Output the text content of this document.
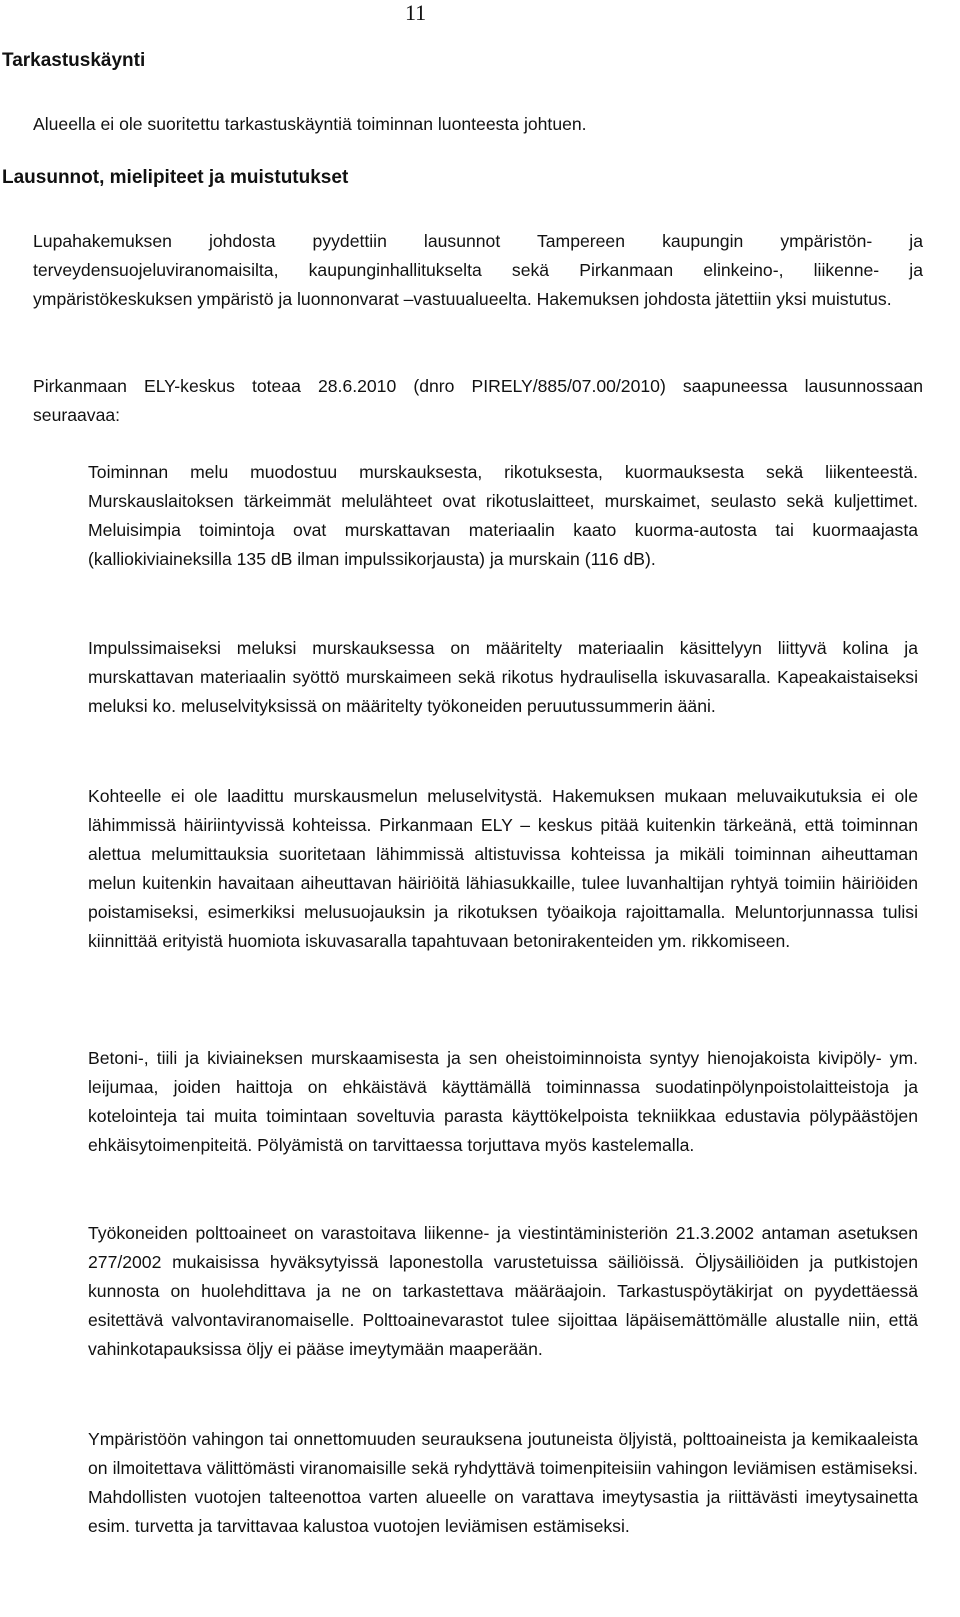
11
Tarkastuskäynti

Alueella ei ole suoritettu tarkastuskäyntiä toiminnan luonteesta johtuen.

Lausunnot, mielipiteet ja muistutukset

Lupahakemuksen johdosta pyydettiin lausunnot Tampereen kaupungin ympäristön- ja terveydensuojeluviranomaisilta, kaupunginhallitukselta sekä Pirkanmaan elinkeino-, liikenne- ja ympäristökeskuksen ympäristö ja luonnonvarat –vastuualueelta. Hakemuksen johdosta jätettiin yksi muistutus.

Pirkanmaan ELY-keskus toteaa 28.6.2010 (dnro PIRELY/885/07.00/2010) saapuneessa lausunnossaan seuraavaa:

Toiminnan melu muodostuu murskauksesta, rikotuksesta, kuormauksesta sekä liikenteestä. Murskauslaitoksen tärkeimmät melulähteet ovat rikotuslaitteet, murskaimet, seulasto sekä kuljettimet. Meluisimpia toimintoja ovat murskattavan materiaalin kaato kuorma-autosta tai kuormaajasta (kalliokiviaineksilla 135 dB ilman impulssikorjausta) ja murskain (116 dB).

Impulssimaiseksi meluksi murskauksessa on määritelty materiaalin käsittelyyn liittyvä kolina ja murskattavan materiaalin syöttö murskaimeen sekä rikotus hydraulisella iskuvasaralla. Kapeakaistaiseksi meluksi ko. meluselvityksissä on määritelty työkoneiden peruutussummerin ääni.

Kohteelle ei ole laadittu murskausmelun meluselvitystä. Hakemuksen mukaan meluvaikutuksia ei ole lähimmissä häiriintyvissä kohteissa. Pirkanmaan ELY – keskus pitää kuitenkin tärkeänä, että toiminnan alettua melumittauksia suoritetaan lähimmissä altistuvissa kohteissa ja mikäli toiminnan aiheuttaman melun kuitenkin havaitaan aiheuttavan häiriöitä lähiasukkaille, tulee luvanhaltijan ryhtyä toimiin häiriöiden poistamiseksi, esimerkiksi melusuojauksin ja rikotuksen työaikoja rajoittamalla. Meluntorjunnassa tulisi kiinnittää erityistä huomiota iskuvasaralla tapahtuvaan betonirakenteiden ym. rikkomiseen.

Betoni-, tiili ja kiviaineksen murskaamisesta ja sen oheistoiminnoista syntyy hienojakoista kivipöly- ym. leijumaa, joiden haittoja on ehkäistävä käyttämällä toiminnassa suodatinpölynpoistolaitteistoja ja kotelointeja tai muita toimintaan soveltuvia parasta käyttökelpoista tekniikkaa edustavia pölypäästöjen ehkäisytoimenpiteitä. Pölyämistä on tarvittaessa torjuttava myös kastelemalla.

Työkoneiden polttoaineet on varastoitava liikenne- ja viestintäministeriön 21.3.2002 antaman asetuksen 277/2002 mukaisissa hyväksytyissä laponestolla varustetuissa säiliöissä. Öljysäiliöiden ja putkistojen kunnosta on huolehdittava ja ne on tarkastettava määräajoin. Tarkastuspöytäkirjat on pyydettäessä esitettävä valvontaviranomaiselle. Polttoainevarastot tulee sijoittaa läpäisemättömälle alustalle niin, että vahinkotapauksissa öljy ei pääse imeytymään maaperään.

Ympäristöön vahingon tai onnettomuuden seurauksena joutuneista öljyistä, polttoaineista ja kemikaaleista on ilmoitettava välittömästi viranomaisille sekä ryhdyttävä toimenpiteisiin vahingon leviämisen estämiseksi. Mahdollisten vuotojen talteenottoa varten alueelle on varattava imeytysastia ja riittävästi imeytysainetta esim. turvetta ja tarvittavaa kalustoa vuotojen leviämisen estämiseksi.
